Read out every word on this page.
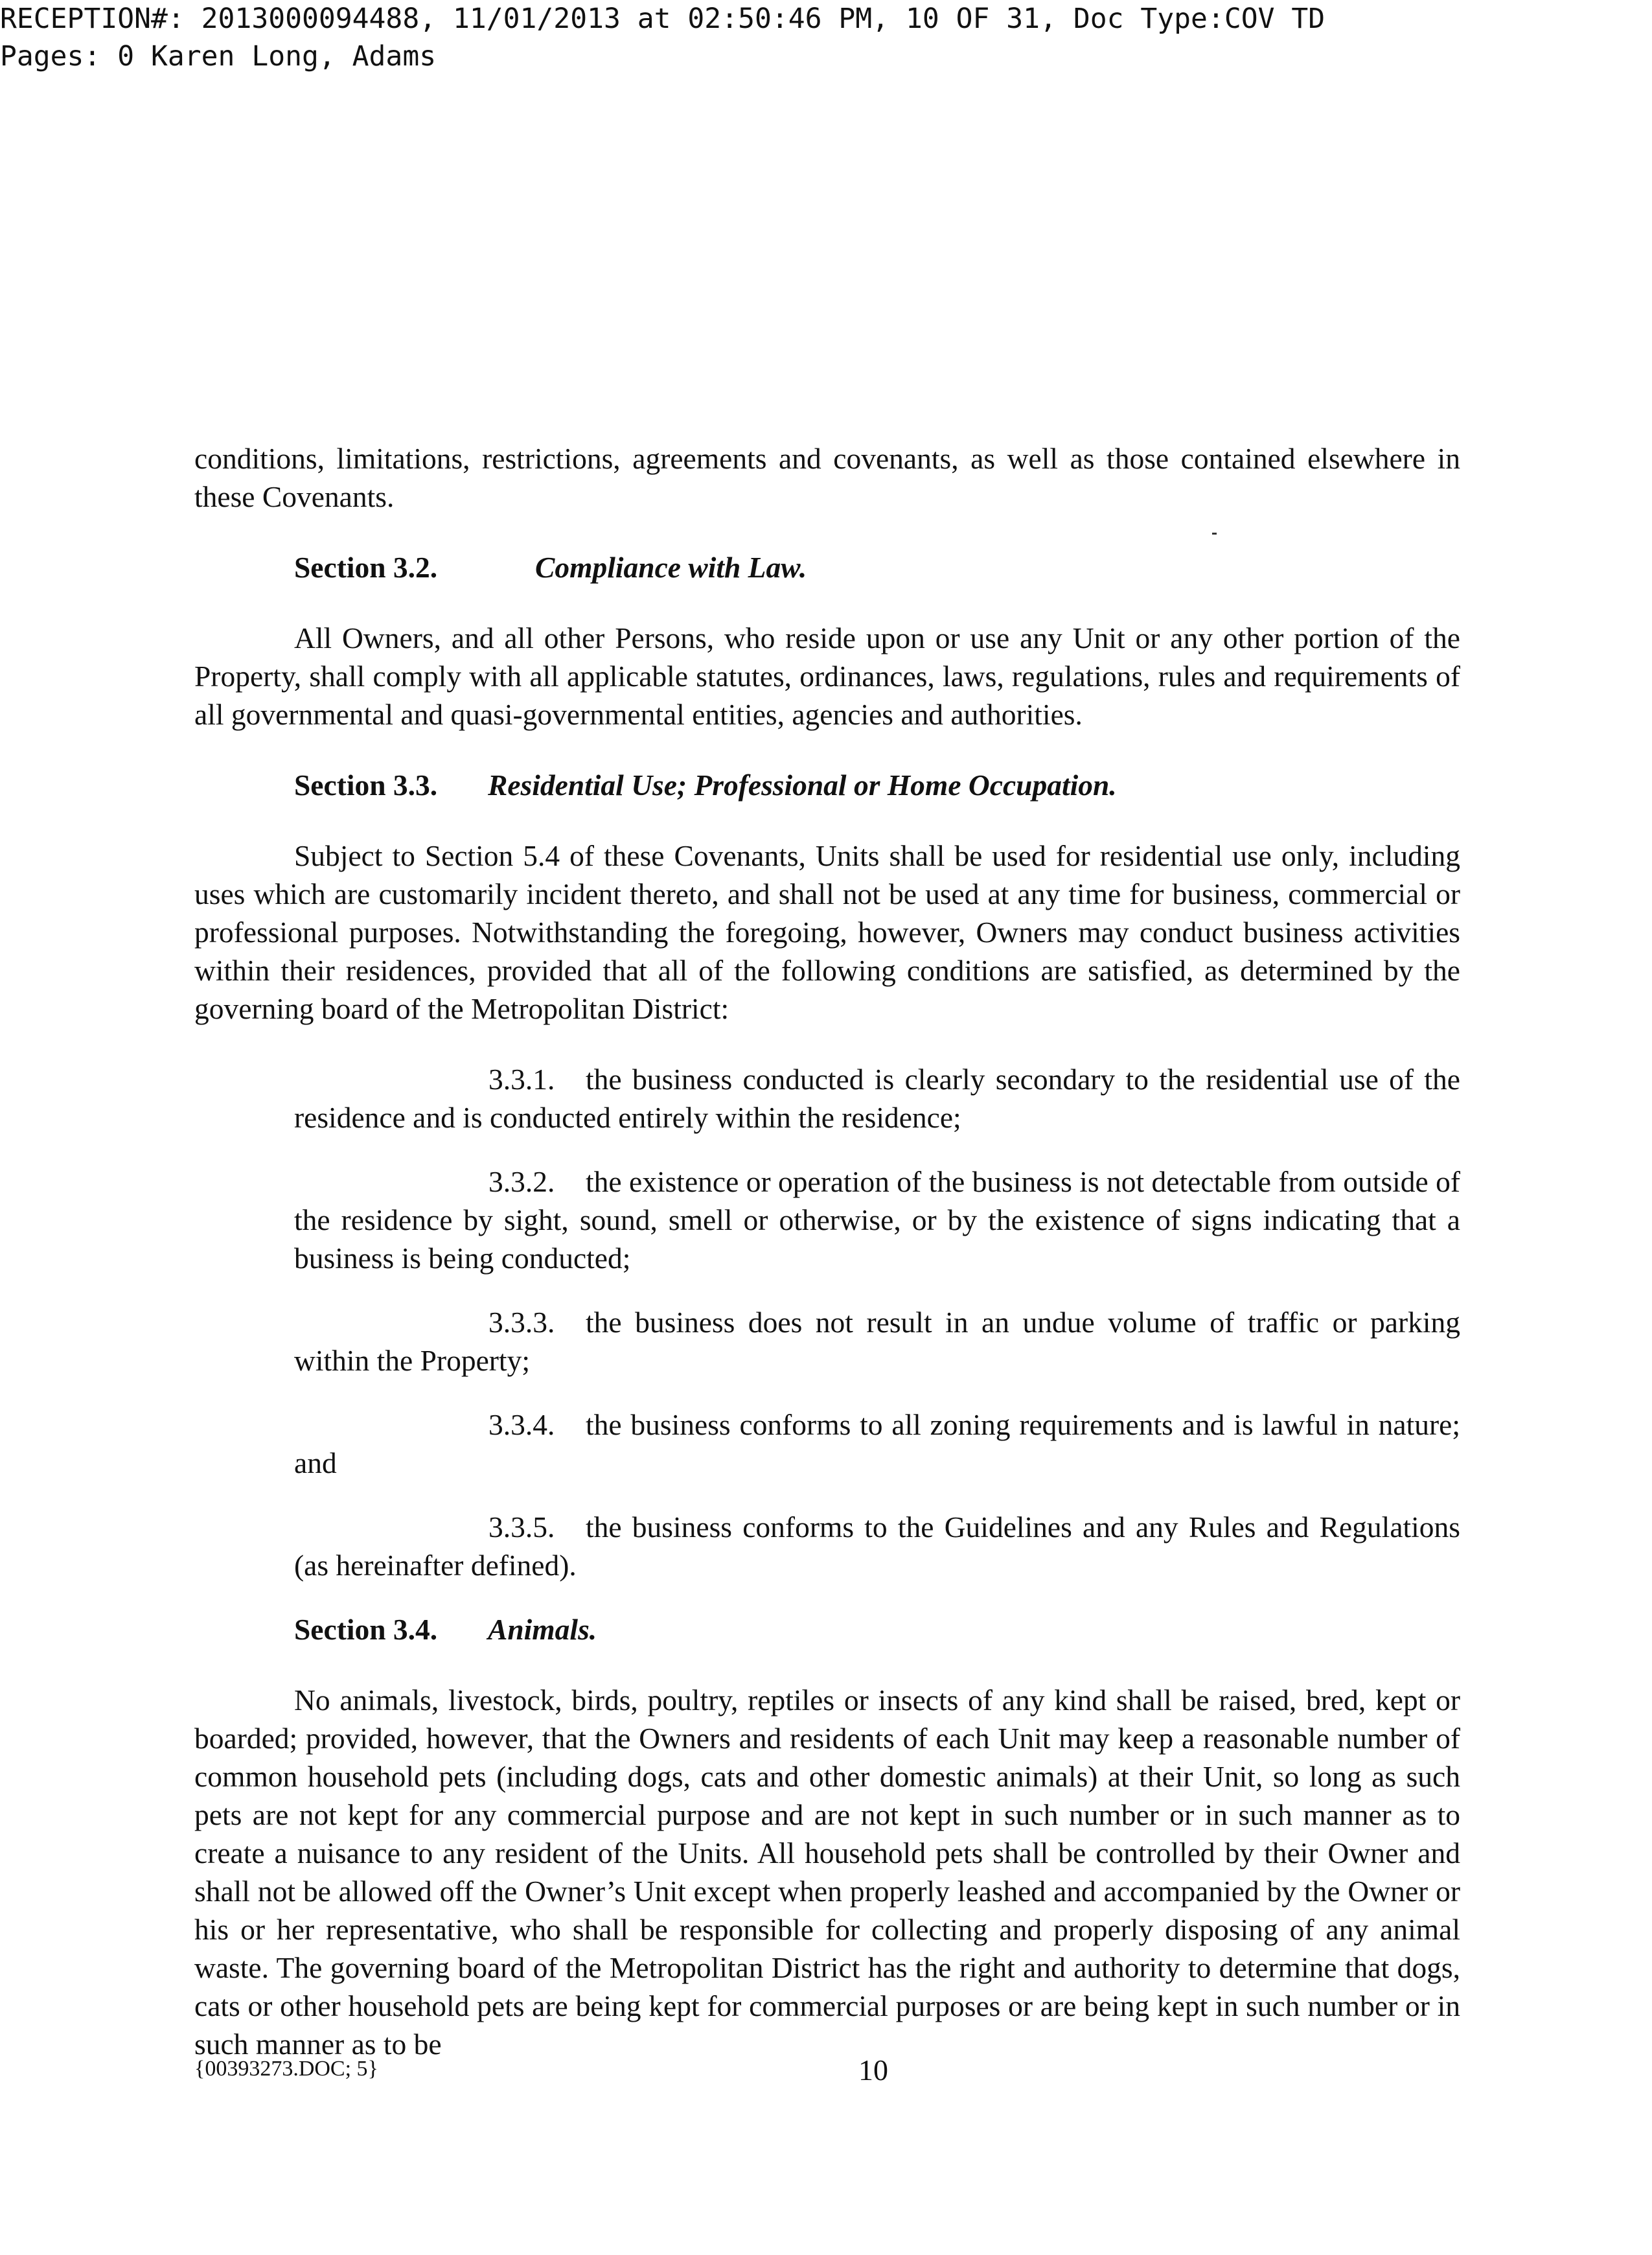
RECEPTION#: 2013000094488, 11/01/2013 at 02:50:46 PM, 10 OF 31, Doc Type:COV TD
Pages: 0 Karen Long, Adams

conditions, limitations, restrictions, agreements and covenants, as well as those contained elsewhere in these Covenants.

Section 3.2.	Compliance with Law.

All Owners, and all other Persons, who reside upon or use any Unit or any other portion of the Property, shall comply with all applicable statutes, ordinances, laws, regulations, rules and requirements of all governmental and quasi-governmental entities, agencies and authorities.

Section 3.3. Residential Use; Professional or Home Occupation.

Subject to Section 5.4 of these Covenants, Units shall be used for residential use only, including uses which are customarily incident thereto, and shall not be used at any time for business, commercial or professional purposes. Notwithstanding the foregoing, however, Owners may conduct business activities within their residences, provided that all of the following conditions are satisfied, as determined by the governing board of the Metropolitan District:

3.3.1. the business conducted is clearly secondary to the residential use of the residence and is conducted entirely within the residence;

3.3.2. the existence or operation of the business is not detectable from outside of the residence by sight, sound, smell or otherwise, or by the existence of signs indicating that a business is being conducted;

3.3.3. the business does not result in an undue volume of traffic or parking within the Property;

3.3.4. the business conforms to all zoning requirements and is lawful in nature; and

3.3.5. the business conforms to the Guidelines and any Rules and Regulations (as hereinafter defined).

Section 3.4. Animals.

No animals, livestock, birds, poultry, reptiles or insects of any kind shall be raised, bred, kept or boarded; provided, however, that the Owners and residents of each Unit may keep a reasonable number of common household pets (including dogs, cats and other domestic animals) at their Unit, so long as such pets are not kept for any commercial purpose and are not kept in such number or in such manner as to create a nuisance to any resident of the Units. All household pets shall be controlled by their Owner and shall not be allowed off the Owner’s Unit except when properly leashed and accompanied by the Owner or his or her representative, who shall be responsible for collecting and properly disposing of any animal waste. The governing board of the Metropolitan District has the right and authority to determine that dogs, cats or other household pets are being kept for commercial purposes or are being kept in such number or in such manner as to be

{00393273.DOC; 5}	10
